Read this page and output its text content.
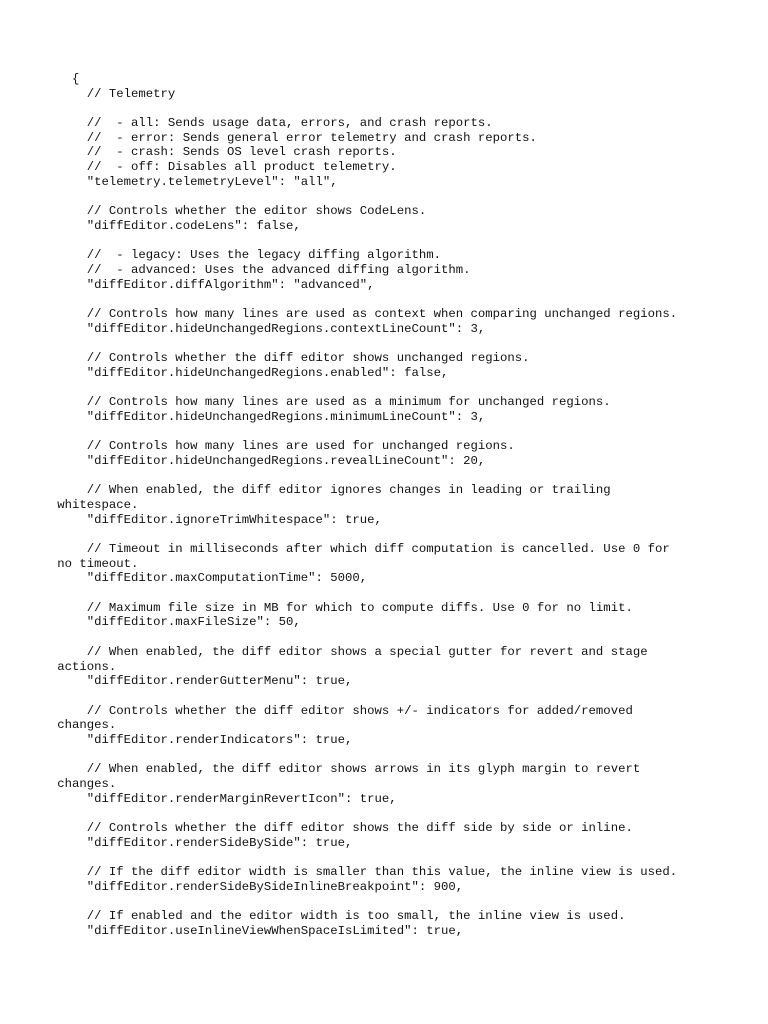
{
// Telemetry
//  - all: Sends usage data, errors, and crash reports.
//  - error: Sends general error telemetry and crash reports.
//  - crash: Sends OS level crash reports.
//  - off: Disables all product telemetry.
"telemetry.telemetryLevel": "all",
// Controls whether the editor shows CodeLens.
"diffEditor.codeLens": false,
//  - legacy: Uses the legacy diffing algorithm.
//  - advanced: Uses the advanced diffing algorithm.
"diffEditor.diffAlgorithm": "advanced",
// Controls how many lines are used as context when comparing unchanged regions.
"diffEditor.hideUnchangedRegions.contextLineCount": 3,
// Controls whether the diff editor shows unchanged regions.
"diffEditor.hideUnchangedRegions.enabled": false,
// Controls how many lines are used as a minimum for unchanged regions.
"diffEditor.hideUnchangedRegions.minimumLineCount": 3,
// Controls how many lines are used for unchanged regions.
"diffEditor.hideUnchangedRegions.revealLineCount": 20,
// When enabled, the diff editor ignores changes in leading or trailing
whitespace.
"diffEditor.ignoreTrimWhitespace": true,
// Timeout in milliseconds after which diff computation is cancelled. Use 0 for
no timeout.
"diffEditor.maxComputationTime": 5000,
// Maximum file size in MB for which to compute diffs. Use 0 for no limit.
"diffEditor.maxFileSize": 50,
// When enabled, the diff editor shows a special gutter for revert and stage
actions.
"diffEditor.renderGutterMenu": true,
// Controls whether the diff editor shows +/- indicators for added/removed
changes.
"diffEditor.renderIndicators": true,
// When enabled, the diff editor shows arrows in its glyph margin to revert
changes.
"diffEditor.renderMarginRevertIcon": true,
// Controls whether the diff editor shows the diff side by side or inline.
"diffEditor.renderSideBySide": true,
// If the diff editor width is smaller than this value, the inline view is used.
"diffEditor.renderSideBySideInlineBreakpoint": 900,
// If enabled and the editor width is too small, the inline view is used.
"diffEditor.useInlineViewWhenSpaceIsLimited": true,
